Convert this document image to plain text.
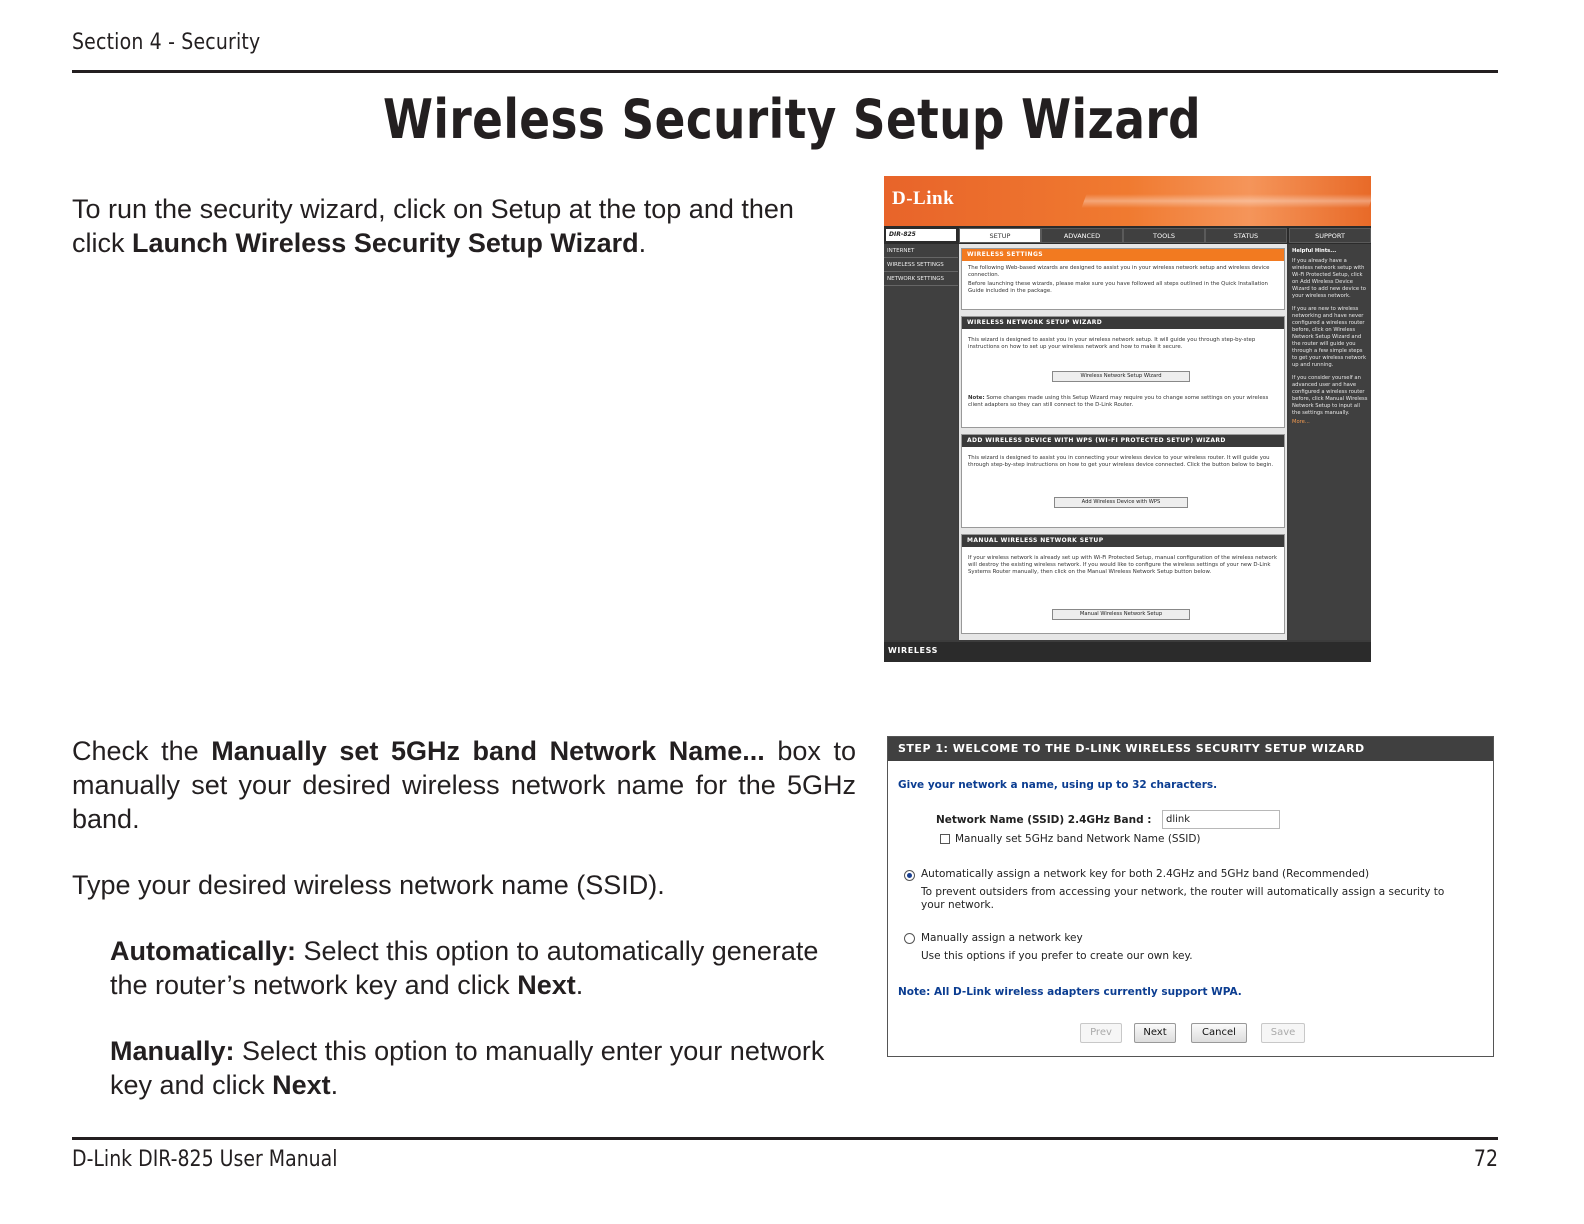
Section 4 - Security
Wireless Security Setup Wizard
To run the security wizard, click on Setup at the top and then click Launch Wireless Security Setup Wizard.
Check the Manually set 5GHz band Network Name... box to manually set your desired wireless network name for the 5GHz band.
Type your desired wireless network name (SSID).
Automatically: Select this option to automatically generate the router’s network key and click Next.
Manually: Select this option to manually enter your network key and click Next.
D-Link
DIR-825	SETUP	ADVANCED	TOOLS	STATUS	SUPPORT
INTERNET
WIRELESS SETTINGS
NETWORK SETTINGS
WIRELESS SETTINGS
The following Web-based wizards are designed to assist you in your wireless network setup and wireless device connection.
Before launching these wizards, please make sure you have followed all steps outlined in the Quick Installation Guide included in the package.
WIRELESS NETWORK SETUP WIZARD
This wizard is designed to assist you in your wireless network setup. It will guide you through step-by-step instructions on how to set up your wireless network and how to make it secure.
Wireless Network Setup Wizard
Note: Some changes made using this Setup Wizard may require you to change some settings on your wireless client adapters so they can still connect to the D-Link Router.
ADD WIRELESS DEVICE WITH WPS (WI-FI PROTECTED SETUP) WIZARD
This wizard is designed to assist you in connecting your wireless device to your wireless router. It will guide you through step-by-step instructions on how to get your wireless device connected. Click the button below to begin.
Add Wireless Device with WPS
MANUAL WIRELESS NETWORK SETUP
If your wireless network is already set up with Wi-Fi Protected Setup, manual configuration of the wireless network will destroy the existing wireless network. If you would like to configure the wireless settings of your new D-Link Systems Router manually, then click on the Manual Wireless Network Setup button below.
Manual Wireless Network Setup
Helpful Hints...
If you already have a wireless network setup with Wi-Fi Protected Setup, click on Add Wireless Device Wizard to add new device to your wireless network.
If you are new to wireless networking and have never configured a wireless router before, click on Wireless Network Setup Wizard and the router will guide you through a few simple steps to get your wireless network up and running.
If you consider yourself an advanced user and have configured a wireless router before, click Manual Wireless Network Setup to input all the settings manually.
More...
WIRELESS
STEP 1: WELCOME TO THE D-LINK WIRELESS SECURITY SETUP WIZARD
Give your network a name, using up to 32 characters.
Network Name (SSID) 2.4GHz Band :	dlink
Manually set 5GHz band Network Name (SSID)
Automatically assign a network key for both 2.4GHz and 5GHz band (Recommended)
To prevent outsiders from accessing your network, the router will automatically assign a security to your network.
Manually assign a network key
Use this options if you prefer to create our own key.
Note: All D-Link wireless adapters currently support WPA.
Prev	Next	Cancel	Save
D-Link DIR-825 User Manual	72
